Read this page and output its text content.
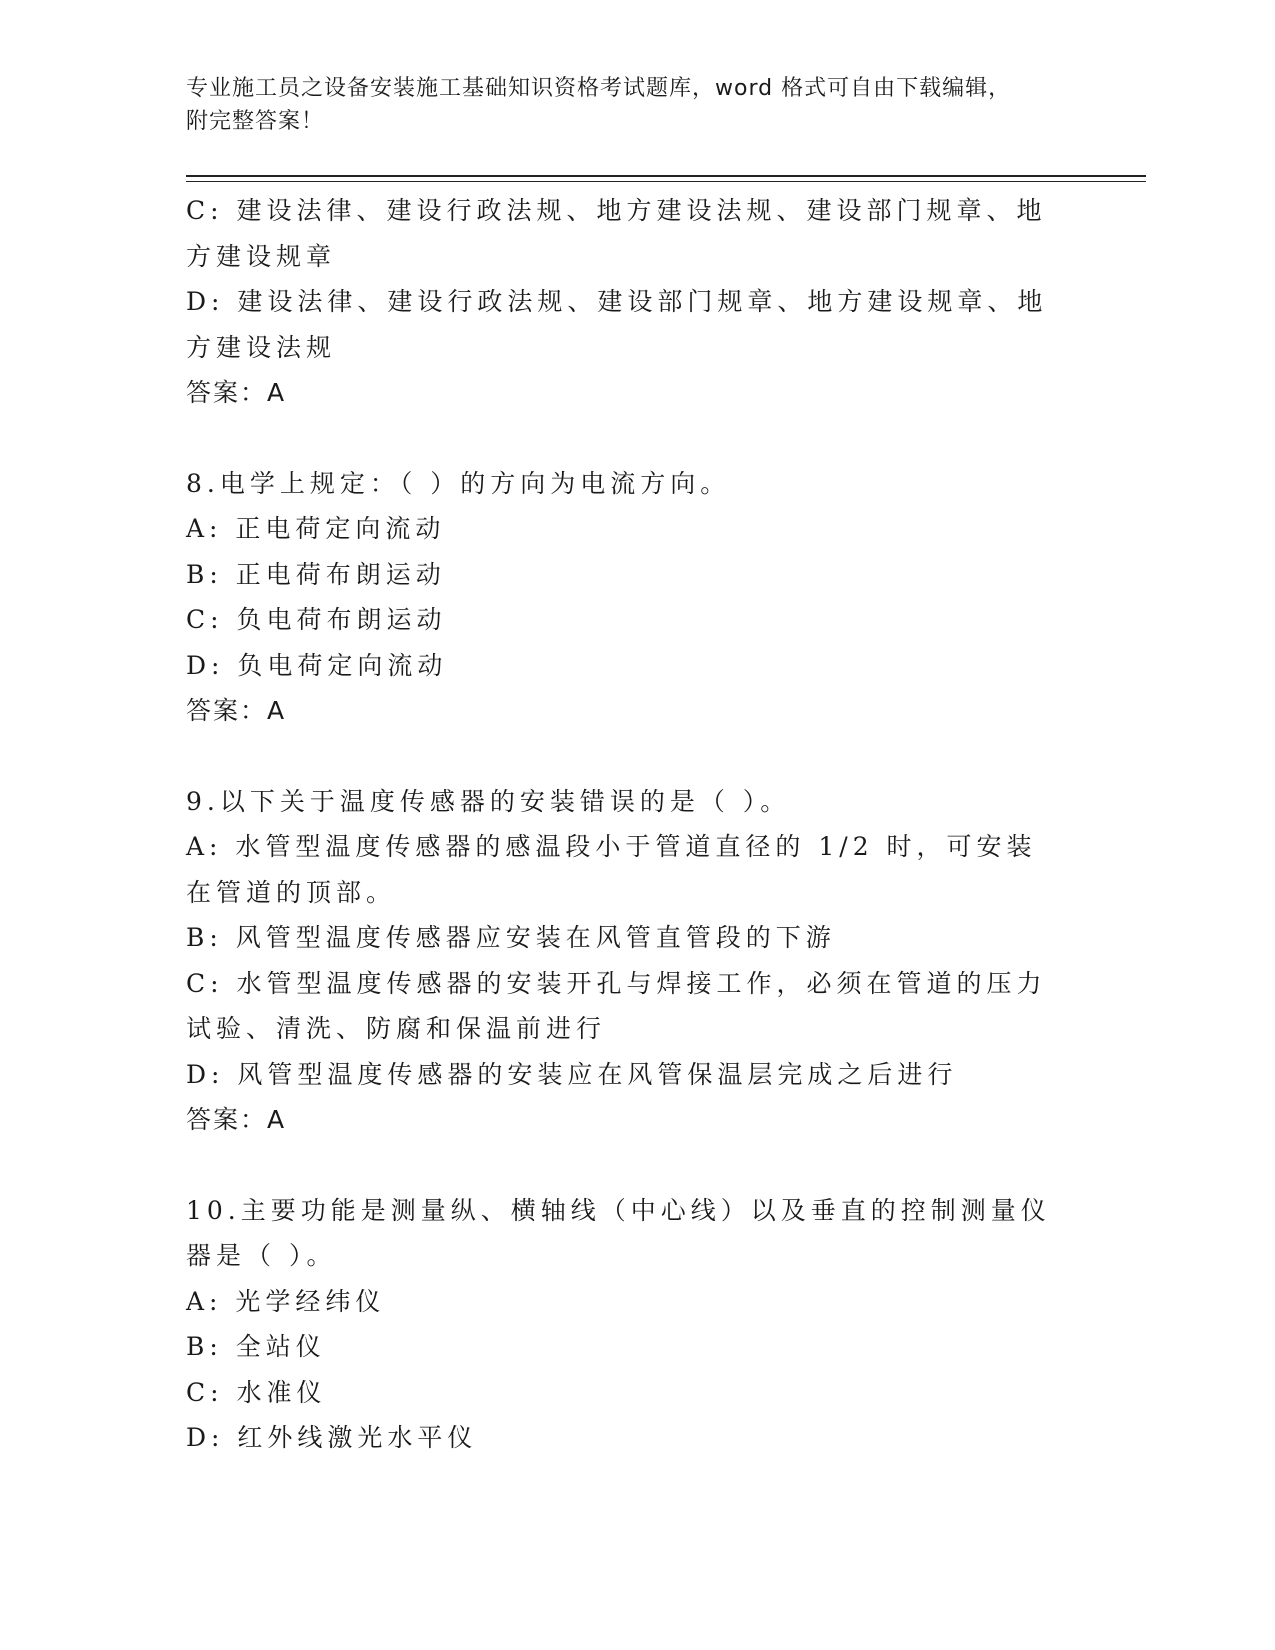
专业施工员之设备安装施工基础知识资格考试题库，word 格式可自由下载编辑，
附完整答案！

C: 建设法律、建设行政法规、地方建设法规、建设部门规章、地方建设规章

D: 建设法律、建设行政法规、建设部门规章、地方建设规章、地方建设法规

答案：A

8.电学上规定：（ ）的方向为电流方向。

A: 正电荷定向流动

B: 正电荷布朗运动

C: 负电荷布朗运动

D: 负电荷定向流动

答案：A

9.以下关于温度传感器的安装错误的是（ ）。

A: 水管型温度传感器的感温段小于管道直径的 1/2 时，可安装在管道的顶部。

B: 风管型温度传感器应安装在风管直管段的下游

C: 水管型温度传感器的安装开孔与焊接工作，必须在管道的压力试验、清洗、防腐和保温前进行

D: 风管型温度传感器的安装应在风管保温层完成之后进行

答案：A

10.主要功能是测量纵、横轴线（中心线）以及垂直的控制测量仪器是（ ）。

A: 光学经纬仪

B: 全站仪

C: 水准仪

D: 红外线激光水平仪
